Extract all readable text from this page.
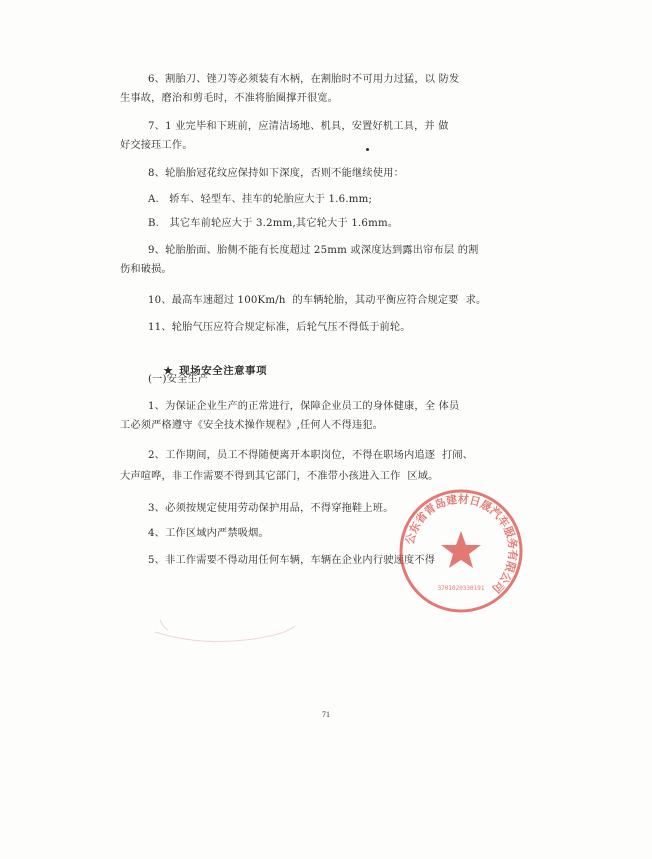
6、割胎刀、锉刀等必须装有木柄，在割胎时不可用力过猛，以 防发
生事故，磨治和剪毛时，不准将胎圈撑开很宽。
7、1 业完毕和下班前，应清洁场地、机具，安置好机工具，并 做
好交接珏工作。
8、轮胎胎冠花纹应保持如下深度，否则不能继续使用：
A.   轿车、轻型车、挂车的轮胎应大于 1.6.mm;
B.   其它车前轮应大于 3.2mm,其它轮大于 1.6mm。
9、轮胎胎面、胎侧不能有长度超过 25mm 或深度达到露出帘布层 的割
伤和破损。
10、最高车速超过 100Km/h  的车辆轮胎，其动平衡应符合规定要  求。
11、轮胎气压应符合规定标准，后轮气压不得低于前轮。

★ 现场安全注意事项

(一)安全生产
1、为保证企业生产的正常进行，保障企业员工的身体健康，全 体员
工必须严格遵守《安全技术操作规程》,任何人不得违犯。
2、工作期间，员工不得随便离开本职岗位，不得在职场内追逐  打闹、
大声喧哗，非工作需要不得到其它部门，不准带小孩进入工作  区域。
3、必须按规定使用劳动保护用品，不得穿拖鞋上班。
4、工作区域内严禁吸烟。
5、非工作需要不得动用任何车辆，车辆在企业内行驶速度不得
公东省青岛建材日晟汽车服务有限公司
3701020330191
71
